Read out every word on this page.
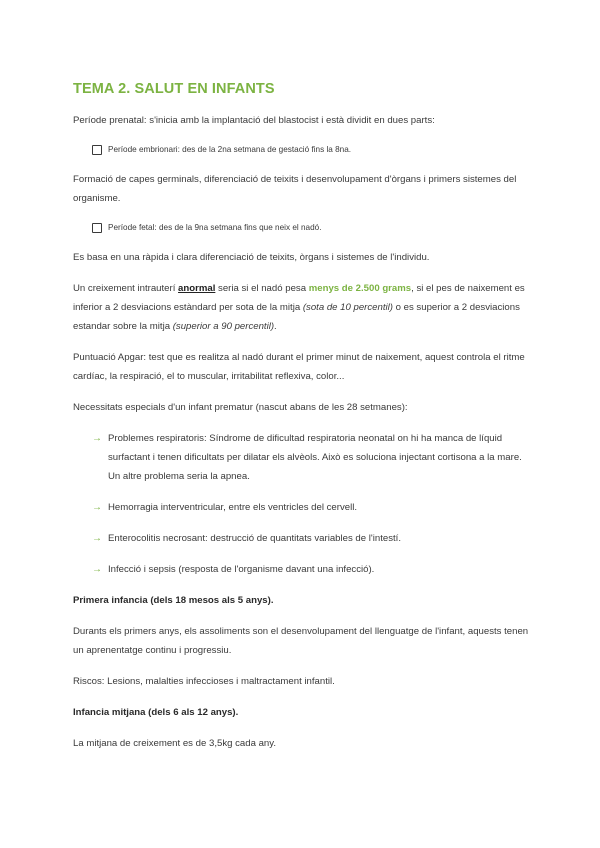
TEMA 2. SALUT EN INFANTS

Període prenatal: s'inicia amb la implantació del blastocist i està dividit en dues parts:

Període embrionari: des de la 2na setmana de gestació fins la 8na.

Formació de capes germinals, diferenciació de teixits i desenvolupament d'òrgans i primers sistemes del organisme.

Període fetal: des de la 9na setmana fins que neix el nadó.

Es basa en una ràpida i clara diferenciació de teixits, òrgans i sistemes de l'individu.

Un creixement intrauterí anormal seria si el nadó pesa menys de 2.500 grams, si el pes de naixement es inferior a 2 desviacions estàndard per sota de la mitja (sota de 10 percentil) o es superior a 2 desviacions estandar sobre la mitja (superior a 90 percentil).

Puntuació Apgar: test que es realitza al nadó durant el primer minut de naixement, aquest controla el ritme cardíac, la respiració, el to muscular, irritabilitat reflexiva, color...

Necessitats especials d'un infant prematur (nascut abans de les 28 setmanes):

→ Problemes respiratoris: Síndrome de dificultad respiratoria neonatal on hi ha manca de líquid surfactant i tenen dificultats per dilatar els alvèols. Això es soluciona injectant cortisona a la mare. Un altre problema seria la apnea.

→ Hemorragia interventricular, entre els ventricles del cervell.

→ Enterocolitis necrosant: destrucció de quantitats variables de l'intestí.

→ Infecció i sepsis (resposta de l'organisme davant una infecció).

Primera infancia (dels 18 mesos als 5 anys).

Durants els primers anys, els assoliments son el desenvolupament del llenguatge de l'infant, aquests tenen un aprenentatge continu i progressiu.

Riscos: Lesions, malalties infeccioses i maltractament infantil.

Infancia mitjana (dels 6 als 12 anys).

La mitjana de creixement es de 3,5kg cada any.
